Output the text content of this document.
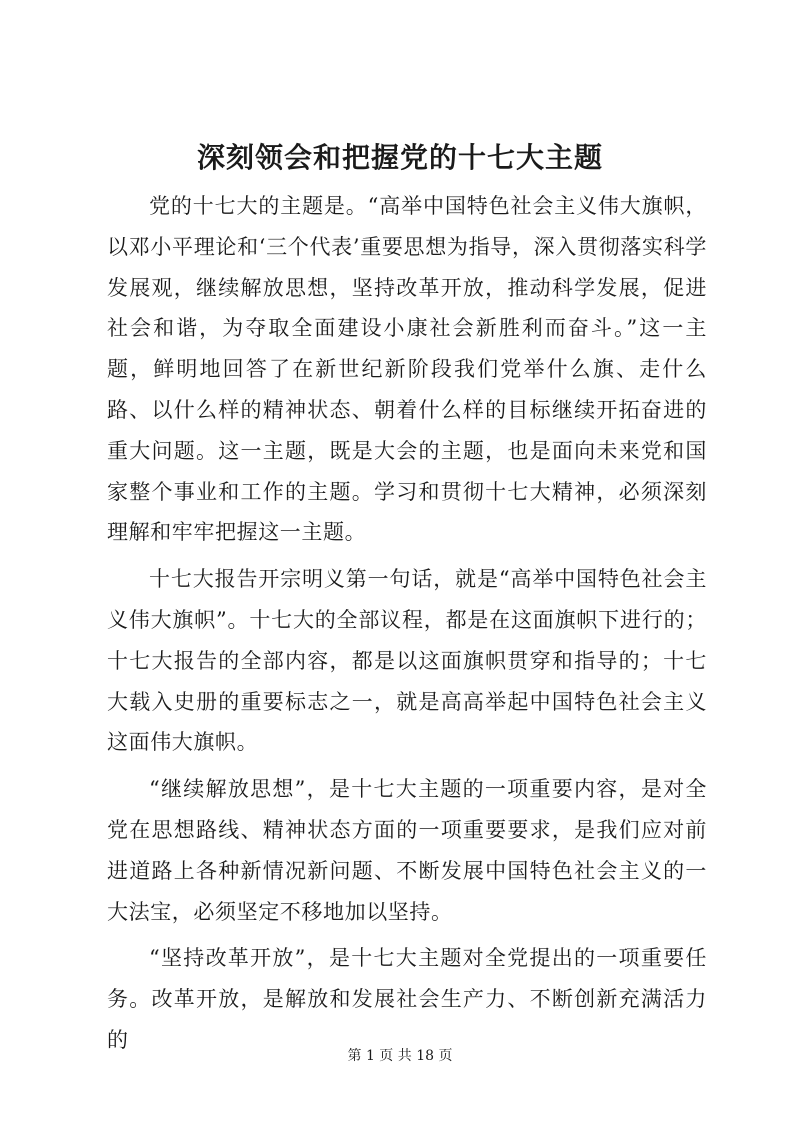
深刻领会和把握党的十七大主题

党的十七大的主题是。“高举中国特色社会主义伟大旗帜，以邓小平理论和‘三个代表’重要思想为指导，深入贯彻落实科学发展观，继续解放思想，坚持改革开放，推动科学发展，促进社会和谐，为夺取全面建设小康社会新胜利而奋斗。”这一主题，鲜明地回答了在新世纪新阶段我们党举什么旗、走什么路、以什么样的精神状态、朝着什么样的目标继续开拓奋进的重大问题。这一主题，既是大会的主题，也是面向未来党和国家整个事业和工作的主题。学习和贯彻十七大精神，必须深刻理解和牢牢把握这一主题。

十七大报告开宗明义第一句话，就是“高举中国特色社会主义伟大旗帜”。十七大的全部议程，都是在这面旗帜下进行的；十七大报告的全部内容，都是以这面旗帜贯穿和指导的；十七大载入史册的重要标志之一，就是高高举起中国特色社会主义这面伟大旗帜。

“继续解放思想”，是十七大主题的一项重要内容，是对全党在思想路线、精神状态方面的一项重要要求，是我们应对前进道路上各种新情况新问题、不断发展中国特色社会主义的一大法宝，必须坚定不移地加以坚持。

“坚持改革开放”，是十七大主题对全党提出的一项重要任务。改革开放，是解放和发展社会生产力、不断创新充满活力的

第 1 页 共 18 页
